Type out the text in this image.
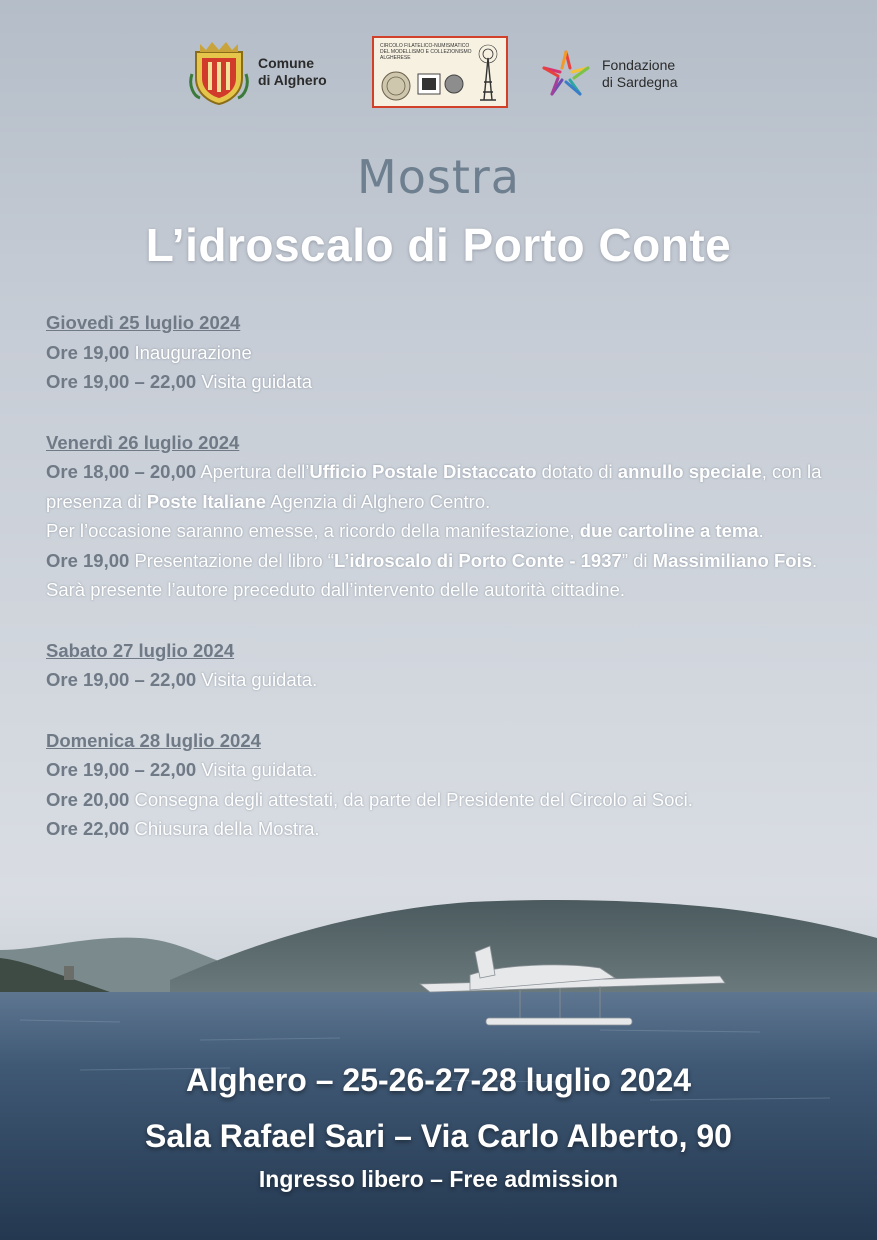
Comune
di Alghero
CIRCOLO FILATELICO-NUMISMATICO DEL MODELLISMO E COLLEZIONISMO ALGHERESE	Fondazione
di Sardegna
Mostra
L’idroscalo di Porto Conte
Giovedì 25 luglio 2024
Ore 19,00 Inaugurazione
Ore 19,00 – 22,00 Visita guidata
Venerdì 26 luglio 2024
Ore 18,00 – 20,00 Apertura dell’Ufficio Postale Distaccato dotato di annullo speciale, con la presenza di Poste Italiane Agenzia di Alghero Centro.
Per l’occasione saranno emesse, a ricordo della manifestazione, due cartoline a tema.
Ore 19,00 Presentazione del libro “L’idroscalo di Porto Conte - 1937” di Massimiliano Fois. Sarà presente l’autore preceduto dall’intervento delle autorità cittadine.
Sabato 27 luglio 2024
Ore 19,00 – 22,00 Visita guidata.
Domenica 28 luglio 2024
Ore 19,00 – 22,00 Visita guidata.
Ore 20,00 Consegna degli attestati, da parte del Presidente del Circolo ai Soci.
Ore 22,00 Chiusura della Mostra.
Alghero – 25-26-27-28 luglio 2024
Sala Rafael Sari – Via Carlo Alberto, 90
Ingresso libero – Free admission
